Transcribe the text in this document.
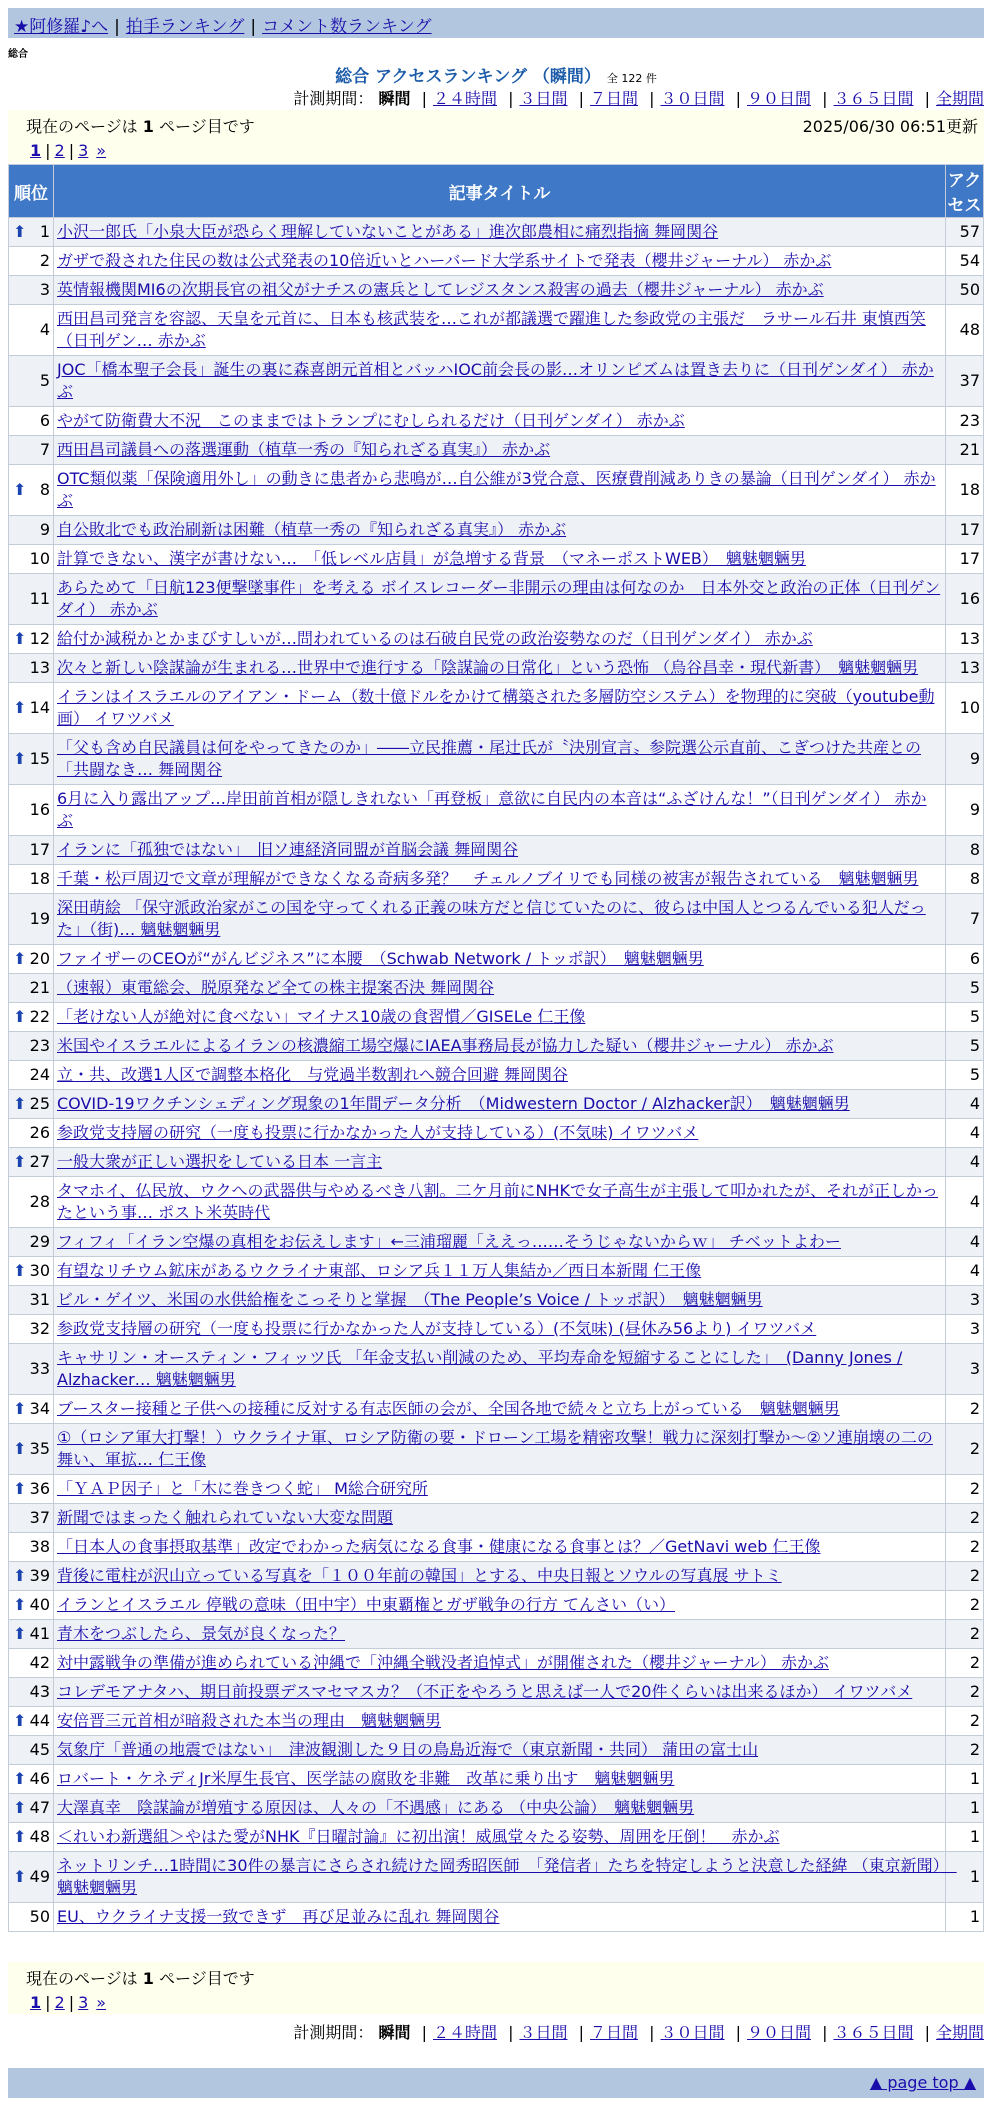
★阿修羅♪へ | 拍手ランキング | コメント数ランキング
総合
総合 アクセスランキング （瞬間） 全 122 件
計測期間： 瞬間 | ２４時間 | ３日間 | ７日間 | ３０日間 | ９０日間 | ３６５日間 | 全期間
現在のページは 1 ページ目です	2025/06/30 06:51更新
1 | 2 | 3 »
順位	記事タイトル	アクセス

⬆ 1	小沢一郎氏「小泉大臣が恐らく理解していないことがある」進次郎農相に痛烈指摘 舞岡関谷	57
2	ガザで殺された住民の数は公式発表の10倍近いとハーバード大学系サイトで発表（櫻井ジャーナル） 赤かぶ	54
3	英情報機関MI6の次期長官の祖父がナチスの憲兵としてレジスタンス殺害の過去（櫻井ジャーナル） 赤かぶ	50
4	西田昌司発言を容認、天皇を元首に、日本も核武装を…これが都議選で躍進した参政党の主張だ　ラサール石井 東慎西笑（日刊ゲン… 赤かぶ	48
5	JOC「橋本聖子会長」誕生の裏に森喜朗元首相とバッハIOC前会長の影…オリンピズムは置き去りに（日刊ゲンダイ） 赤かぶ	37
6	やがて防衛費大不況　このままではトランプにむしられるだけ（日刊ゲンダイ） 赤かぶ	23
7	西田昌司議員への落選運動（植草一秀の『知られざる真実』） 赤かぶ	21

⬆ 8	OTC類似薬「保険適用外し」の動きに患者から悲鳴が…自公維が3党合意、医療費削減ありきの暴論（日刊ゲンダイ） 赤かぶ	18
9	自公敗北でも政治刷新は困難（植草一秀の『知られざる真実』） 赤かぶ	17
10	計算できない、漢字が書けない…　「低レベル店員」が急増する背景　（マネーポストWEB）　魑魅魍魎男	17
11	あらためて「日航123便撃墜事件」を考える ボイスレコーダー非開示の理由は何なのか　日本外交と政治の正体（日刊ゲンダイ） 赤かぶ	16

⬆ 12	給付か減税かとかまびすしいが…問われているのは石破自民党の政治姿勢なのだ（日刊ゲンダイ） 赤かぶ	13
13	次々と新しい陰謀論が生まれる…世界中で進行する「陰謀論の日常化」という恐怖 （烏谷昌幸・現代新書）　魑魅魍魎男	13

⬆ 14	イランはイスラエルのアイアン・ドーム（数十億ドルをかけて構築された多層防空システム）を物理的に突破（youtube動画） イワツバメ	10

⬆ 15	「父も含め自民議員は何をやってきたのか」――立民推薦・尾辻氏が〝決別宣言〟参院選公示直前、こぎつけた共産との「共闘なき… 舞岡関谷	9
16	6月に入り露出アップ…岸田前首相が隠しきれない「再登板」意欲に自民内の本音は“ふざけんな！”（日刊ゲンダイ） 赤かぶ	9
17	イランに「孤独ではない」　旧ソ連経済同盟が首脳会議 舞岡関谷	8
18	千葉・松戸周辺で文章が理解ができなくなる奇病多発？　チェルノブイリでも同様の被害が報告されている　魑魅魍魎男	8
19	深田萌絵 「保守派政治家がこの国を守ってくれる正義の味方だと信じていたのに、彼らは中国人とつるんでいる犯人だった」（街)… 魑魅魍魎男	7

⬆ 20	ファイザーのCEOが“がんビジネス”に本腰　（Schwab Network / トッポ訳）　魑魅魍魎男	6
21	（速報）東電総会、脱原発など全ての株主提案否決 舞岡関谷	5

⬆ 22	「老けない人が絶対に食べない」マイナス10歳の食習慣／GISELe 仁王像	5
23	米国やイスラエルによるイランの核濃縮工場空爆にIAEA事務局長が協力した疑い（櫻井ジャーナル） 赤かぶ	5
24	立・共、改選1人区で調整本格化　与党過半数割れへ競合回避 舞岡関谷	5

⬆ 25	COVID-19ワクチンシェディング現象の1年間データ分析　（Midwestern Doctor / Alzhacker訳）　魑魅魍魎男	4
26	参政党支持層の研究（一度も投票に行かなかった人が支持している）(不気味) イワツバメ	4

⬆ 27	一般大衆が正しい選択をしている日本 一言主	4
28	タマホイ、仏民放、ウクへの武器供与やめるべき八割。二ケ月前にNHKで女子高生が主張して叩かれたが、それが正しかったという事… ポスト米英時代	4
29	フィフィ「イラン空爆の真相をお伝えします」←三浦瑠麗「ええっ……そうじゃないからｗ」 チベットよわー	4

⬆ 30	有望なリチウム鉱床があるウクライナ東部、ロシア兵１１万人集結か／西日本新聞 仁王像	4
31	ビル・ゲイツ、米国の水供給権をこっそりと掌握　（The People’s Voice / トッポ訳）　魑魅魍魎男	3
32	参政党支持層の研究（一度も投票に行かなかった人が支持している）(不気味) (昼休み56より) イワツバメ	3
33	キャサリン・オースティン・フィッツ氏 「年金支払い削減のため、平均寿命を短縮することにした」　(Danny Jones / Alzhacker… 魑魅魍魎男	3

⬆ 34	ブースター接種と子供への接種に反対する有志医師の会が、全国各地で続々と立ち上がっている　魑魅魍魎男	2

⬆ 35	①（ロシア軍大打撃！）ウクライナ軍、ロシア防衛の要・ドローン工場を精密攻撃！戦力に深刻打撃か～②ソ連崩壊の二の舞い、軍拡… 仁王像	2

⬆ 36	「ＹＡＰ因子」と「木に巻きつく蛇」 M総合研究所	2
37	新聞ではまったく触れられていない大変な問題	2
38	「日本人の食事摂取基準」改定でわかった病気になる食事・健康になる食事とは？／GetNavi web 仁王像	2

⬆ 39	背後に電柱が沢山立っている写真を「１００年前の韓国」とする、中央日報とソウルの写真展 サトミ	2

⬆ 40	イランとイスラエル 停戦の意味（田中宇）中東覇権とガザ戦争の行方 てんさい（い）	2

⬆ 41	青木をつぶしたら、景気が良くなった？	2
42	対中露戦争の準備が進められている沖縄で「沖縄全戦没者追悼式」が開催された（櫻井ジャーナル） 赤かぶ	2
43	コレデモアナタハ、期日前投票デスマセマスカ？（不正をやろうと思えば一人で20件くらいは出来るほか） イワツバメ	2

⬆ 44	安倍晋三元首相が暗殺された本当の理由　魑魅魍魎男	2
45	気象庁「普通の地震ではない」　津波観測した９日の鳥島近海で（東京新聞・共同） 蒲田の富士山	2

⬆ 46	ロバート・ケネディJr米厚生長官、医学誌の腐敗を非難　改革に乗り出す　魑魅魍魎男	1

⬆ 47	大澤真幸　陰謀論が増殖する原因は、人々の「不遇感」にある （中央公論）　魑魅魍魎男	1

⬆ 48	＜れいわ新選組＞やはた愛がNHK『日曜討論』に初出演！威風堂々たる姿勢、周囲を圧倒！　赤かぶ	1

⬆ 49	ネットリンチ…1時間に30件の暴言にさらされ続けた岡秀昭医師　「発信者」たちを特定しようと決意した経緯 （東京新聞）　魑魅魍魎男	1
50	EU、ウクライナ支援一致できず　再び足並みに乱れ 舞岡関谷	1
現在のページは 1 ページ目です
1 | 2 | 3 »
計測期間： 瞬間 | ２４時間 | ３日間 | ７日間 | ３０日間 | ９０日間 | ３６５日間 | 全期間
▲ page top ▲
